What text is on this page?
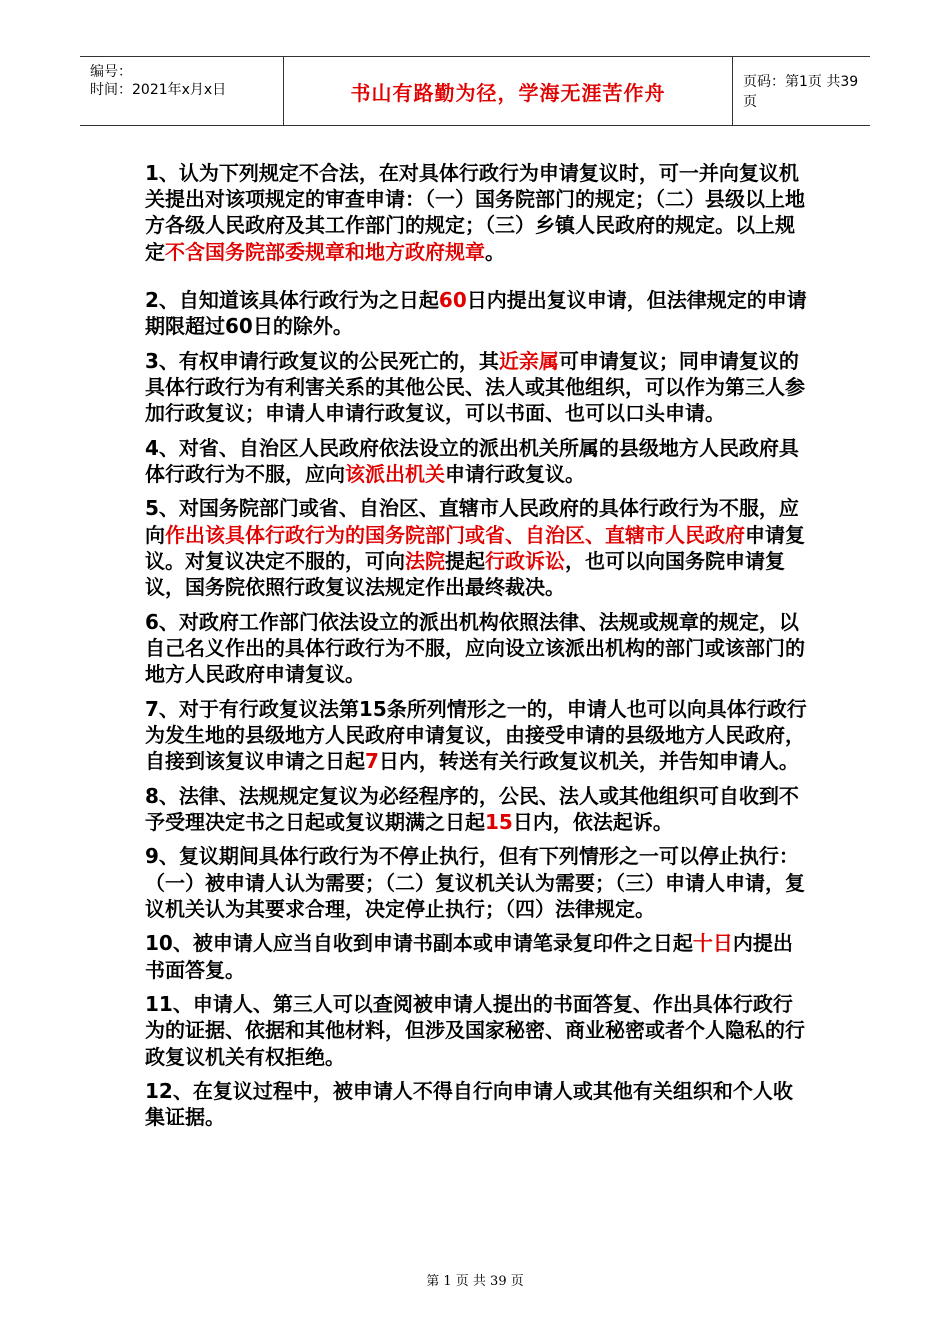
编号：
时间：2021年x月x日	书山有路勤为径，学海无涯苦作舟	页码：第1页 共39页

1、认为下列规定不合法，在对具体行政行为申请复议时，可一并向复议机关提出对该项规定的审查申请：（一）国务院部门的规定；（二）县级以上地方各级人民政府及其工作部门的规定；（三）乡镇人民政府的规定。以上规定不含国务院部委规章和地方政府规章。

2、自知道该具体行政行为之日起60日内提出复议申请，但法律规定的申请期限超过60日的除外。

3、有权申请行政复议的公民死亡的，其近亲属可申请复议；同申请复议的具体行政行为有利害关系的其他公民、法人或其他组织，可以作为第三人参加行政复议；申请人申请行政复议，可以书面、也可以口头申请。

4、对省、自治区人民政府依法设立的派出机关所属的县级地方人民政府具体行政行为不服，应向该派出机关申请行政复议。

5、对国务院部门或省、自治区、直辖市人民政府的具体行政行为不服，应向作出该具体行政行为的国务院部门或省、自治区、直辖市人民政府申请复议。对复议决定不服的，可向法院提起行政诉讼，也可以向国务院申请复议，国务院依照行政复议法规定作出最终裁决。

6、对政府工作部门依法设立的派出机构依照法律、法规或规章的规定，以自己名义作出的具体行政行为不服，应向设立该派出机构的部门或该部门的地方人民政府申请复议。

7、对于有行政复议法第15条所列情形之一的，申请人也可以向具体行政行为发生地的县级地方人民政府申请复议，由接受申请的县级地方人民政府，自接到该复议申请之日起7日内，转送有关行政复议机关，并告知申请人。

8、法律、法规规定复议为必经程序的，公民、法人或其他组织可自收到不予受理决定书之日起或复议期满之日起15日内，依法起诉。

9、复议期间具体行政行为不停止执行，但有下列情形之一可以停止执行：（一）被申请人认为需要；（二）复议机关认为需要；（三）申请人申请，复议机关认为其要求合理，决定停止执行；（四）法律规定。

10、被申请人应当自收到申请书副本或申请笔录复印件之日起十日内提出书面答复。

11、申请人、第三人可以查阅被申请人提出的书面答复、作出具体行政行为的证据、依据和其他材料，但涉及国家秘密、商业秘密或者个人隐私的行政复议机关有权拒绝。

12、在复议过程中，被申请人不得自行向申请人或其他有关组织和个人收集证据。

第 1 页 共 39 页
